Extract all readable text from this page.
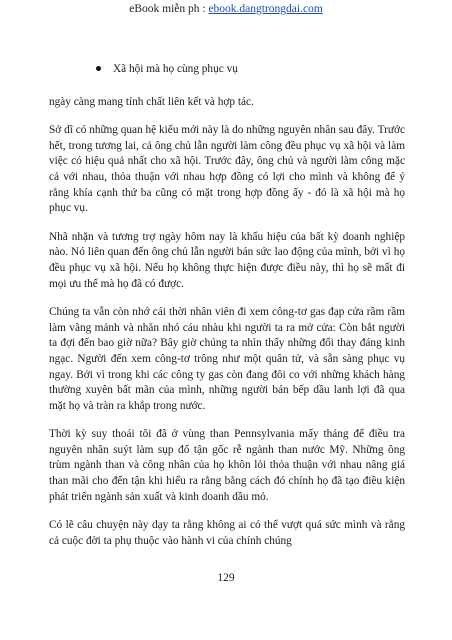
eBook miễn ph : ebook.dangtrongdai.com

Xã hội mà họ cùng phục vụ

ngày càng mang tính chất liên kết và hợp tác.

Sở dĩ có những quan hệ kiểu mới này là do những nguyên nhân sau đây. Trước hết, trong tương lai, cả ông chủ lẫn người làm công đều phục vụ xã hội và làm việc có hiệu quả nhất cho xã hội. Trước đây, ông chủ và người làm công mặc cả với nhau, thỏa thuận với nhau hợp đồng có lợi cho mình và không để ý rằng khía cạnh thứ ba cũng có mặt trong hợp đồng ấy - đó là xã hội mà họ phục vụ.

Nhã nhặn và tương trợ ngày hôm nay là khẩu hiệu của bất kỳ doanh nghiệp nào. Nó liên quan đến ông chủ lẫn người bán sức lao động của mình, bởi vì họ đều phục vụ xã hội. Nếu họ không thực hiện được điều này, thì họ sẽ mất đi mọi ưu thế mà họ đã có được.

Chúng ta vẫn còn nhớ cái thời nhân viên đi xem công-tơ gas đạp cửa rầm rầm làm vãng mảnh và nhăn nhó cáu nhàu khi người ta ra mở cửa: Còn bắt người ta đợi đến bao giờ nữa? Bây giờ chúng ta nhìn thấy những đổi thay đáng kinh ngạc. Người đến xem công-tơ trông như một quân tử, và sẵn sàng phục vụ ngay. Bởi vì trong khi các công ty gas còn đang đôi co với những khách hàng thường xuyên bất mãn của mình, những người bán bếp dầu lanh lợi đã qua mặt họ và tràn ra khắp trong nước.

Thời kỳ suy thoái tôi đã ở vùng than Pennsylvania mấy tháng để điều tra nguyên nhân suýt làm sụp đổ tận gốc rễ ngành than nước Mỹ. Những ông trùm ngành than và công nhân của họ khôn lỏi thỏa thuận với nhau nâng giá than mãi cho đến tận khi hiểu ra rằng bằng cách đó chính họ đã tạo điều kiện phát triển ngành sản xuất và kinh doanh dầu mỏ.

Có lẽ câu chuyện này dạy ta rằng không ai có thể vượt quá sức mình và rằng cả cuộc đời ta phụ thuộc vào hành vi của chính chúng

129
